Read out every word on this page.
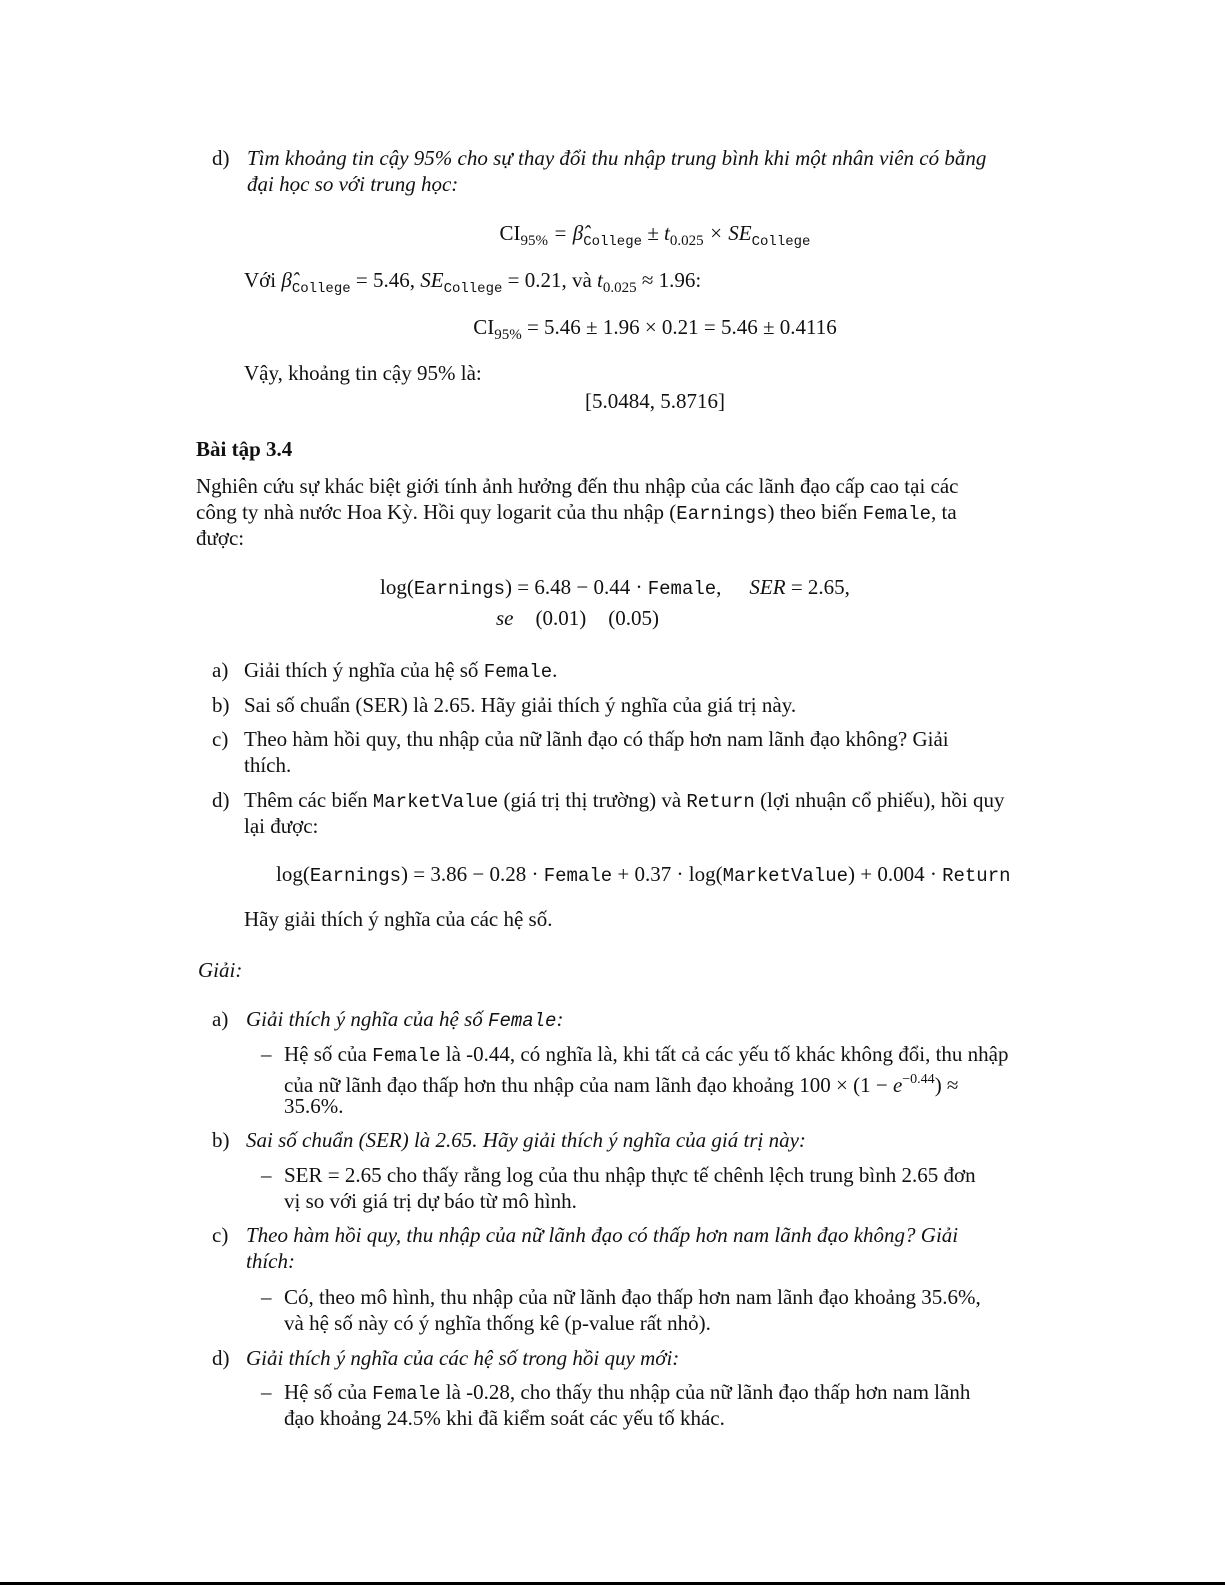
d) Tìm khoảng tin cậy 95% cho sự thay đổi thu nhập trung bình khi một nhân viên có bằng
đại học so với trung học:
$CI_{95\%}$ = $\betâ_{College} \pm t_{0.025} \times SE_{College}$
Với $\betâ_{College} = 5.46$, $SE_{College} = 0.21$, và $t_{0.025} \approx 1.96$:
$CI_{95\%} = 5.46 \pm 1.96 \times 0.21 = 5.46 \pm 0.4116$
Vậy, khoảng tin cậy 95% là:
[5.0484, 5.8716]
Bài tập 3.4
Nghiên cứu sự khác biệt giới tính ảnh hưởng đến thu nhập của các lãnh đạo cấp cao tại các
công ty nhà nước Hoa Kỳ. Hồi quy logarit của thu nhập (Earnings) theo biến Female, ta
được:
log(Earnings) = 6.48 − 0.44 · Female, SER = 2.65,
se (0.01) (0.05)
a) Giải thích ý nghĩa của hệ số Female.
b) Sai số chuẩn (SER) là 2.65. Hãy giải thích ý nghĩa của giá trị này.
c) Theo hàm hồi quy, thu nhập của nữ lãnh đạo có thấp hơn nam lãnh đạo không? Giải
thích.
d) Thêm các biến MarketValue (giá trị thị trường) và Return (lợi nhuận cổ phiếu), hồi quy
lại được:
log(Earnings) = 3.86 − 0.28 · Female + 0.37 · log(MarketValue) + 0.004 · Return
Hãy giải thích ý nghĩa của các hệ số.
Giải:
a) Giải thích ý nghĩa của hệ số Female:
– Hệ số của Female là -0.44, có nghĩa là, khi tất cả các yếu tố khác không đổi, thu nhập
của nữ lãnh đạo thấp hơn thu nhập của nam lãnh đạo khoảng $100 \times (1 - e^{-0.44})$ ≈
35.6%.
b) Sai số chuẩn (SER) là 2.65. Hãy giải thích ý nghĩa của giá trị này:
– SER = 2.65 cho thấy rằng log của thu nhập thực tế chênh lệch trung bình 2.65 đơn
vị so với giá trị dự báo từ mô hình.
c) Theo hàm hồi quy, thu nhập của nữ lãnh đạo có thấp hơn nam lãnh đạo không? Giải
thích:
– Có, theo mô hình, thu nhập của nữ lãnh đạo thấp hơn nam lãnh đạo khoảng 35.6%,
và hệ số này có ý nghĩa thống kê (p-value rất nhỏ).
d) Giải thích ý nghĩa của các hệ số trong hồi quy mới:
– Hệ số của Female là -0.28, cho thấy thu nhập của nữ lãnh đạo thấp hơn nam lãnh
đạo khoảng 24.5% khi đã kiểm soát các yếu tố khác.
